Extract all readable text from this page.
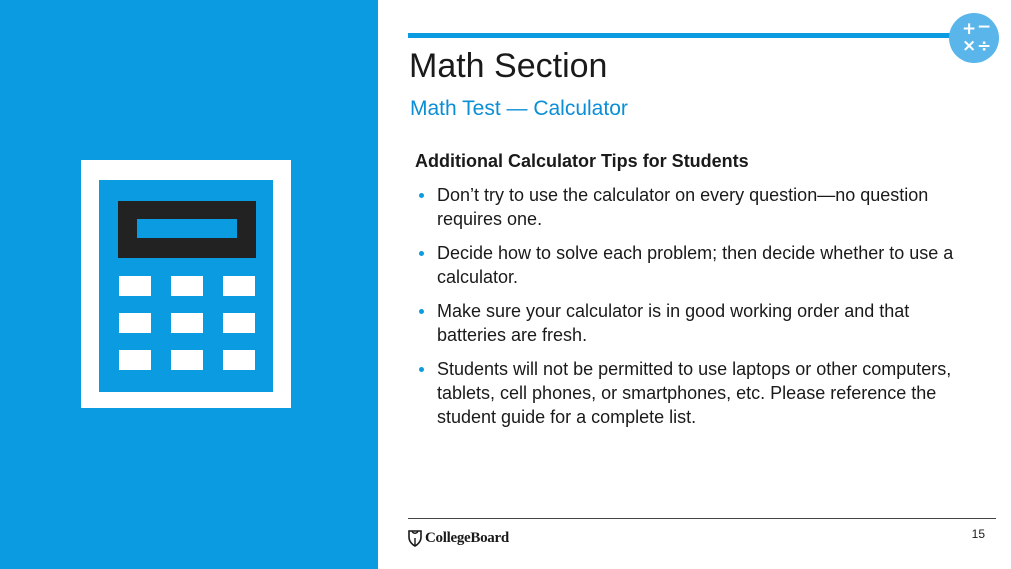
+ −
× ÷
Math Section
Math Test — Calculator
Additional Calculator Tips for Students
Don’t try to use the calculator on every question—no question requires one.
Decide how to solve each problem; then decide whether to use a calculator.
Make sure your calculator is in good working order and that batteries are fresh.
Students will not be permitted to use laptops or other computers, tablets, cell phones, or smartphones, etc. Please reference the student guide for a complete list.
CollegeBoard	15
